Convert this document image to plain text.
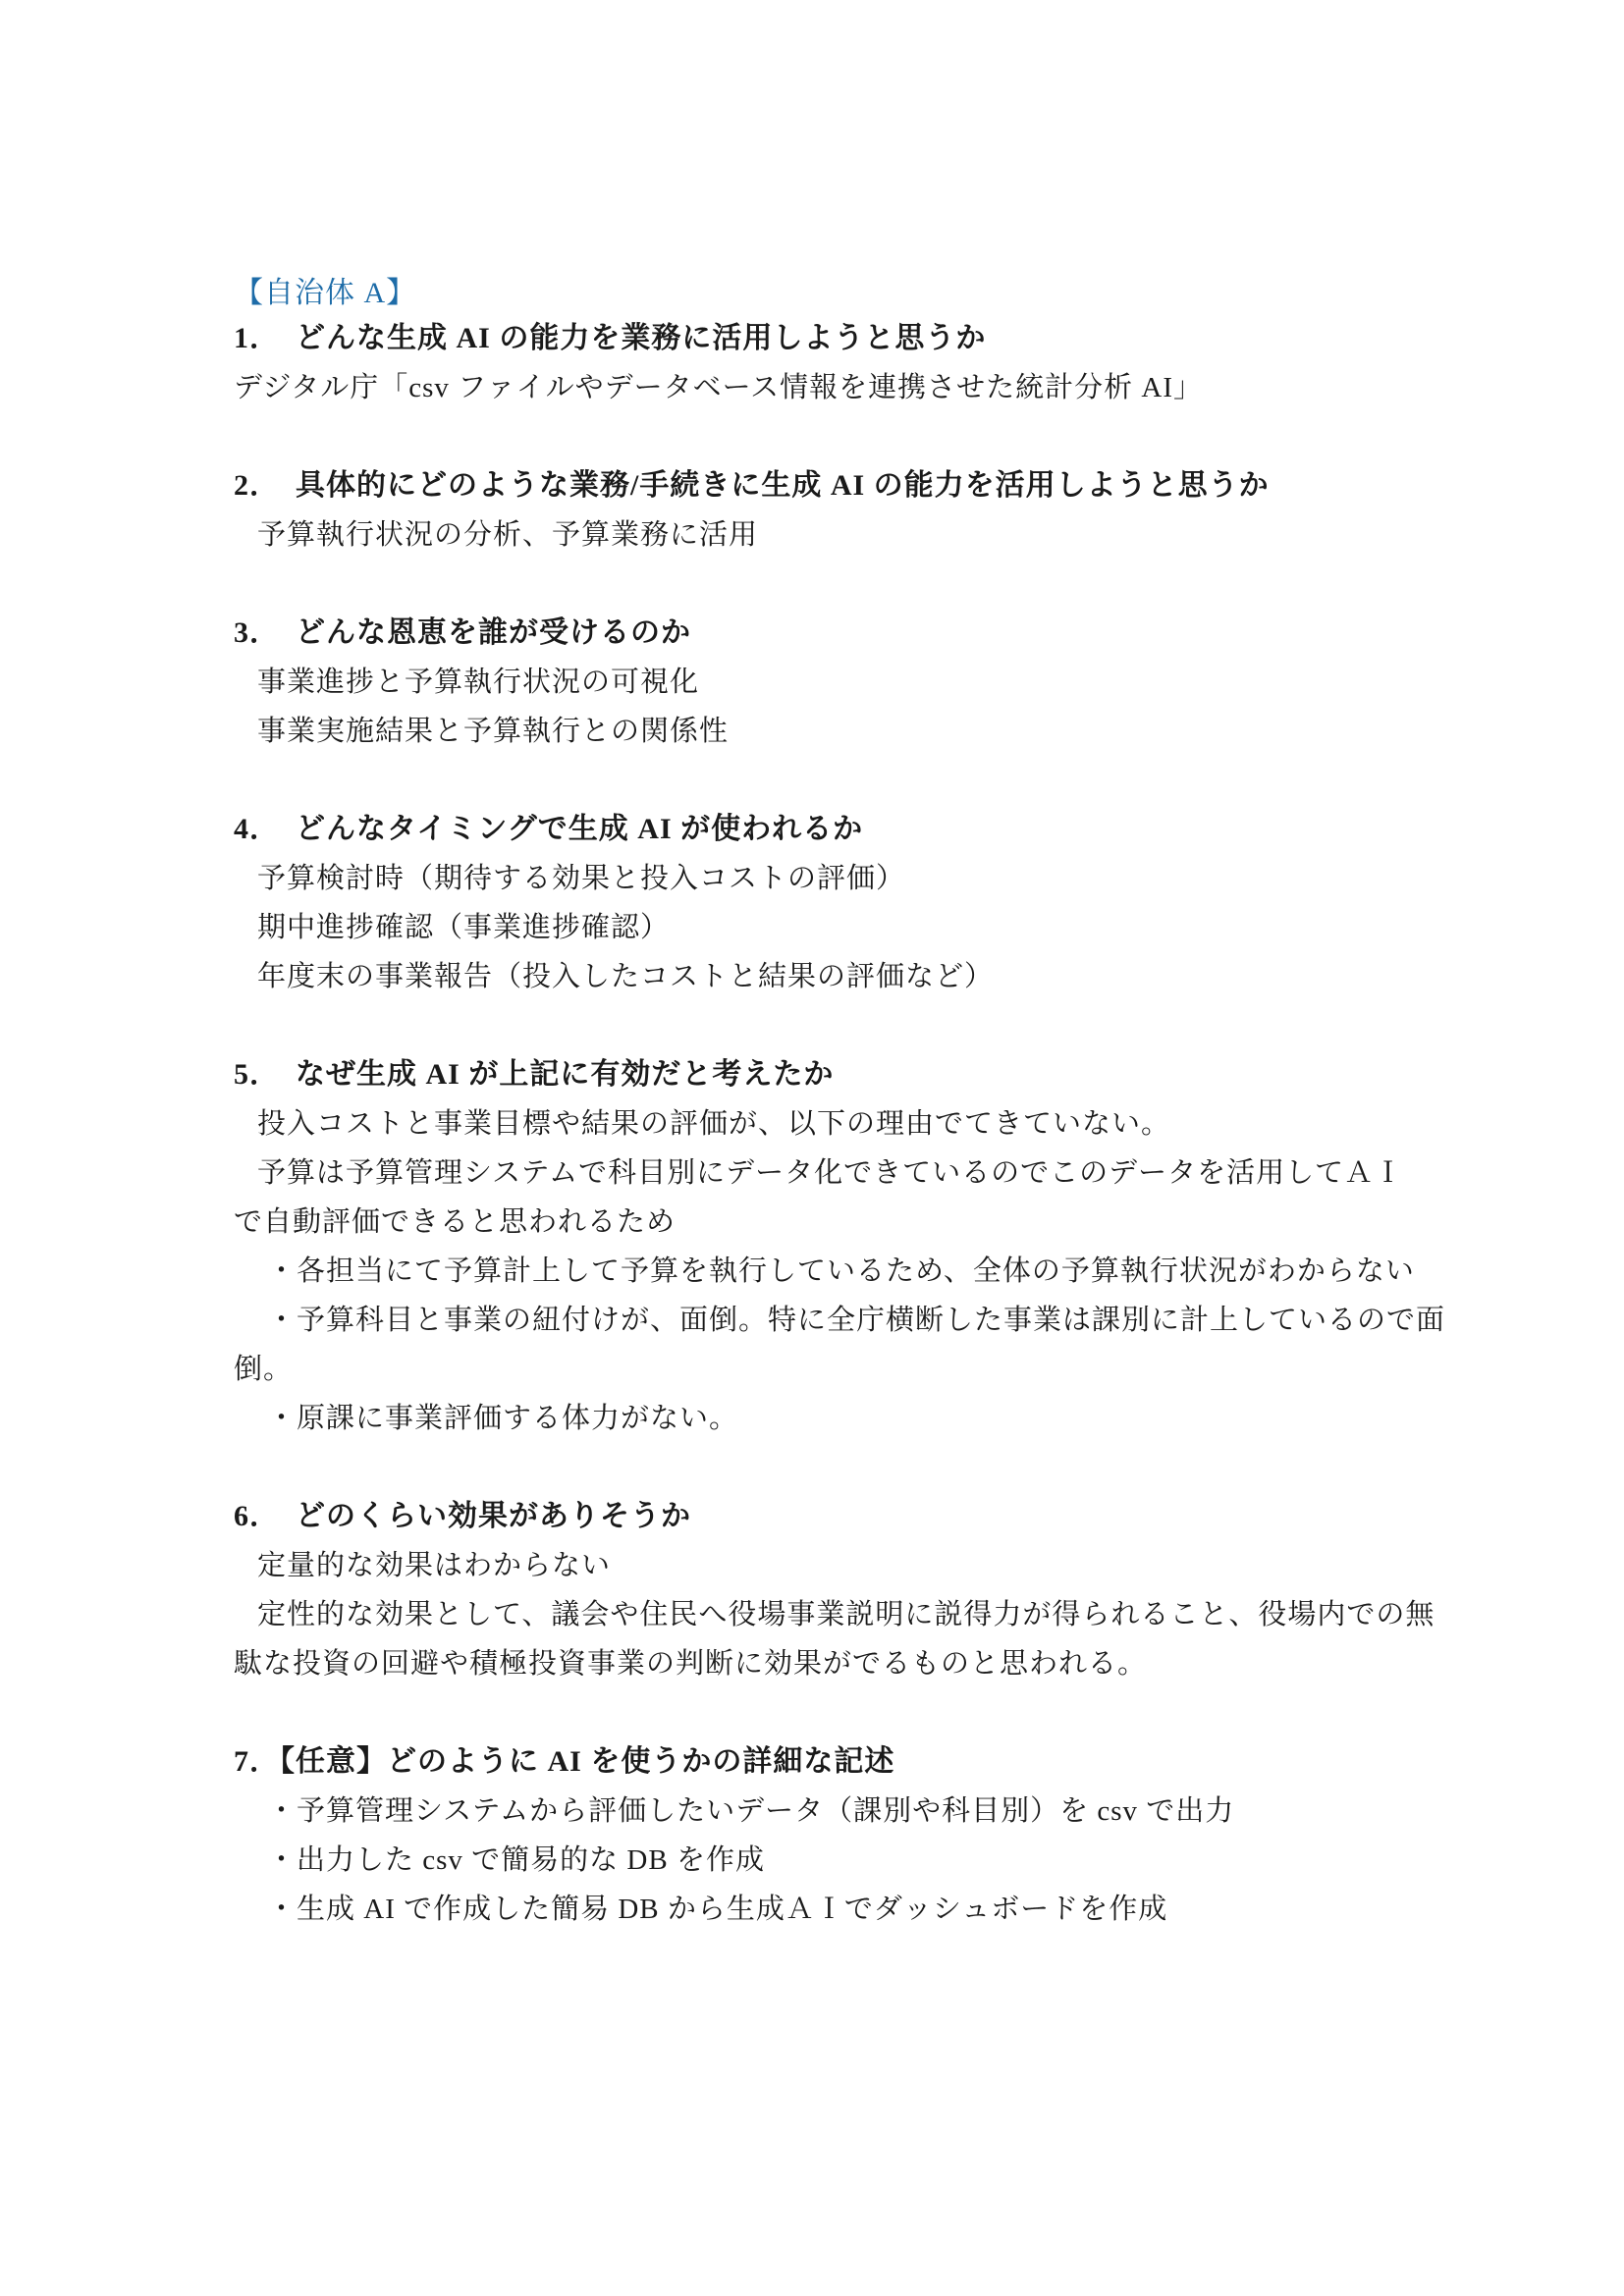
【自治体 A】
1．　どんな生成 AI の能力を業務に活用しようと思うか
デジタル庁「csv ファイルやデータベース情報を連携させた統計分析 AI」
2．　具体的にどのような業務/手続きに生成 AI の能力を活用しようと思うか
予算執行状況の分析、予算業務に活用
3．　どんな恩恵を誰が受けるのか
事業進捗と予算執行状況の可視化
事業実施結果と予算執行との関係性
4．　どんなタイミングで生成 AI が使われるか
予算検討時（期待する効果と投入コストの評価）
期中進捗確認（事業進捗確認）
年度末の事業報告（投入したコストと結果の評価など）
5．　なぜ生成 AI が上記に有効だと考えたか
投入コストと事業目標や結果の評価が、以下の理由でてきていない。
予算は予算管理システムで科目別にデータ化できているのでこのデータを活用してＡＩ
で自動評価できると思われるため
・各担当にて予算計上して予算を執行しているため、全体の予算執行状況がわからない
・予算科目と事業の紐付けが、面倒。特に全庁横断した事業は課別に計上しているので面
倒。
・原課に事業評価する体力がない。
6．　どのくらい効果がありそうか
定量的な効果はわからない
定性的な効果として、議会や住民へ役場事業説明に説得力が得られること、役場内での無
駄な投資の回避や積極投資事業の判断に効果がでるものと思われる。
7．【任意】どのように AI を使うかの詳細な記述
・予算管理システムから評価したいデータ（課別や科目別）を csv で出力
・出力した csv で簡易的な DB を作成
・生成 AI で作成した簡易 DB から生成ＡＩでダッシュボードを作成
